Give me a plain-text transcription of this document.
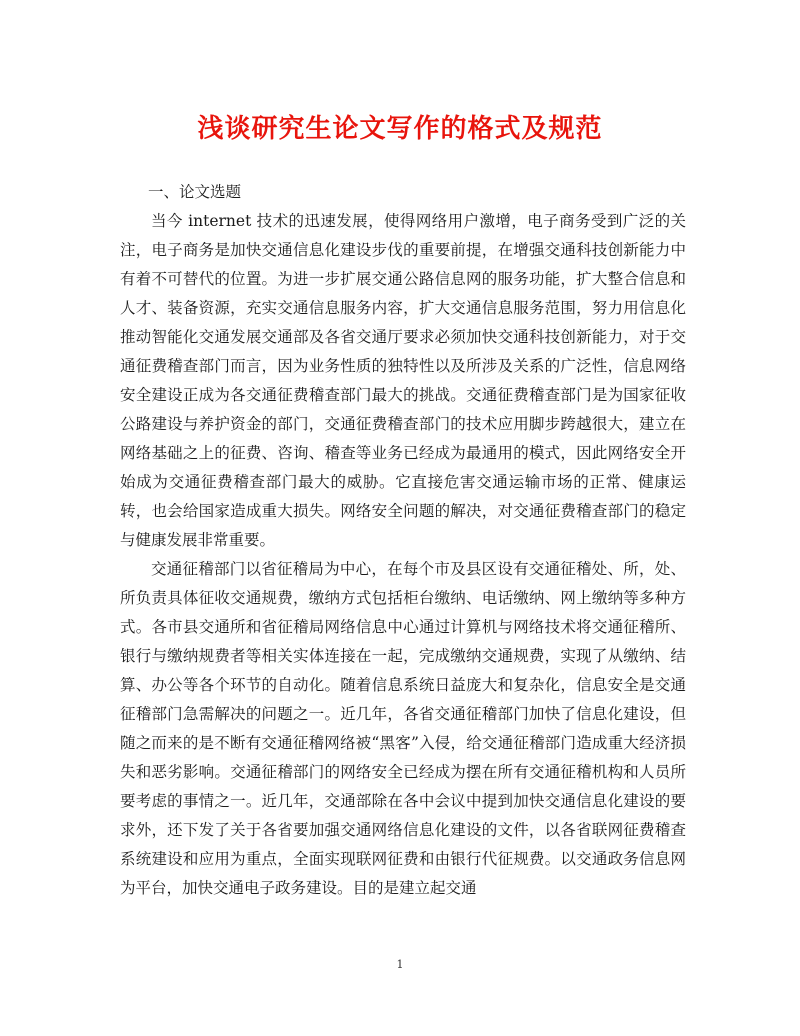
浅谈研究生论文写作的格式及规范
一、论文选题

当今 internet 技术的迅速发展，使得网络用户激增，电子商务受到广泛的关注，电子商务是加快交通信息化建设步伐的重要前提，在增强交通科技创新能力中有着不可替代的位置。为进一步扩展交通公路信息网的服务功能，扩大整合信息和人才、装备资源，充实交通信息服务内容，扩大交通信息服务范围，努力用信息化推动智能化交通发展交通部及各省交通厅要求必须加快交通科技创新能力，对于交通征费稽查部门而言，因为业务性质的独特性以及所涉及关系的广泛性，信息网络安全建设正成为各交通征费稽查部门最大的挑战。交通征费稽查部门是为国家征收公路建设与养护资金的部门，交通征费稽查部门的技术应用脚步跨越很大，建立在网络基础之上的征费、咨询、稽查等业务已经成为最通用的模式，因此网络安全开始成为交通征费稽查部门最大的威胁。它直接危害交通运输市场的正常、健康运转，也会给国家造成重大损失。网络安全问题的解决，对交通征费稽查部门的稳定与健康发展非常重要。

交通征稽部门以省征稽局为中心，在每个市及县区设有交通征稽处、所，处、所负责具体征收交通规费，缴纳方式包括柜台缴纳、电话缴纳、网上缴纳等多种方式。各市县交通所和省征稽局网络信息中心通过计算机与网络技术将交通征稽所、银行与缴纳规费者等相关实体连接在一起，完成缴纳交通规费，实现了从缴纳、结算、办公等各个环节的自动化。随着信息系统日益庞大和复杂化，信息安全是交通征稽部门急需解决的问题之一。近几年，各省交通征稽部门加快了信息化建设，但随之而来的是不断有交通征稽网络被“黑客”入侵，给交通征稽部门造成重大经济损失和恶劣影响。交通征稽部门的网络安全已经成为摆在所有交通征稽机构和人员所要考虑的事情之一。近几年，交通部除在各中会议中提到加快交通信息化建设的要求外，还下发了关于各省要加强交通网络信息化建设的文件，以各省联网征费稽查系统建设和应用为重点，全面实现联网征费和由银行代征规费。以交通政务信息网为平台，加快交通电子政务建设。目的是建立起交通

1
